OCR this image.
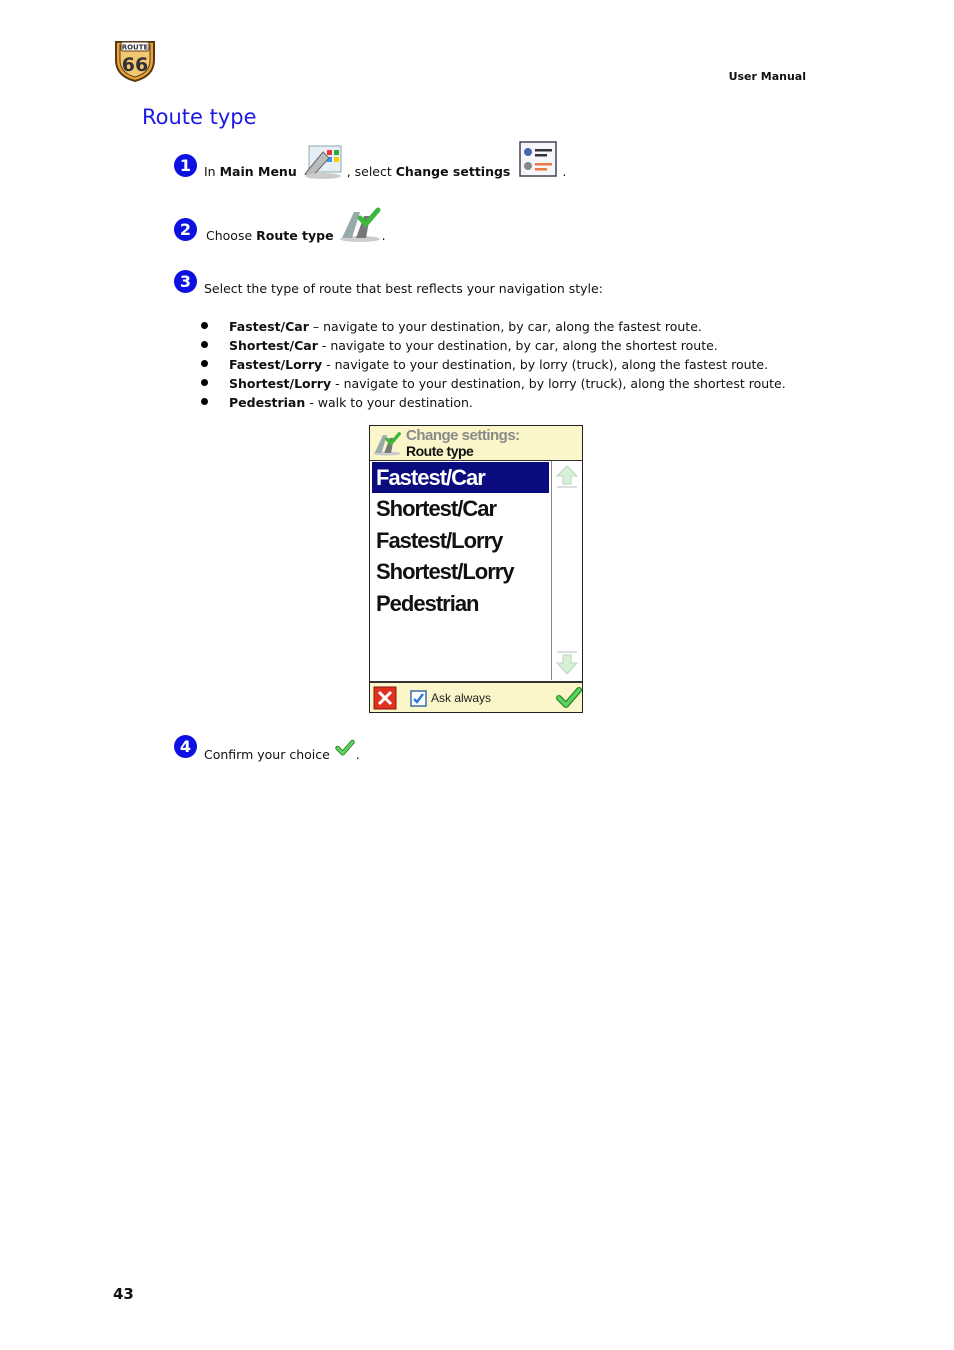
ROUTE
66
User Manual
Route type
1	In Main Menu	, select Change settings	.
2	Choose Route type	.
3	Select the type of route that best reflects your navigation style:
Fastest/Car – navigate to your destination, by car, along the fastest route.
Shortest/Car - navigate to your destination, by car, along the shortest route.
Fastest/Lorry - navigate to your destination, by lorry (truck), along the fastest route.
Shortest/Lorry - navigate to your destination, by lorry (truck), along the shortest route.
Pedestrian - walk to your destination.
Change settings:
Route type
Fastest/Car
Shortest/Car
Fastest/Lorry
Shortest/Lorry
Pedestrian
Ask always
4	Confirm your choice .
43
